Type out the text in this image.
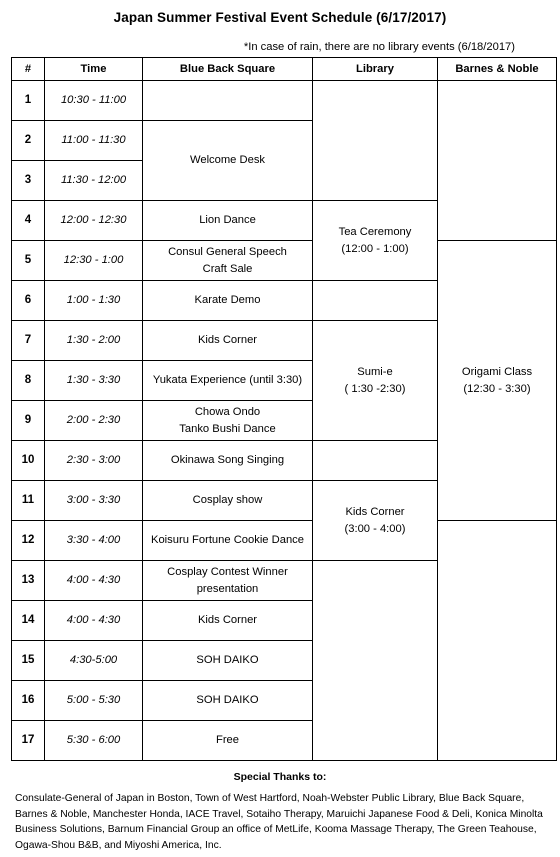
Japan Summer Festival Event Schedule (6/17/2017)
*In case of rain, there are no library events (6/18/2017)
#	Time	Blue Back Square	Library	Barnes & Noble
1	10:30 - 11:00			
2	11:00 - 11:30	Welcome Desk		
3	11:30 - 12:00			
4	12:00 - 12:30	Lion Dance	Tea Ceremony
(12:00 - 1:00)	
5	12:30 - 1:00	Consul General Speech
Craft Sale		Origami Class
(12:30 - 3:30)
6	1:00 - 1:30	Karate Demo		
7	1:30 - 2:00	Kids Corner	Sumi-e
( 1:30 -2:30)	
8	1:30 - 3:30	Yukata Experience (until 3:30)		
9	2:00 - 2:30	Chowa Ondo
Tanko Bushi Dance		
10	2:30 - 3:00	Okinawa Song Singing		
11	3:00 - 3:30	Cosplay show	Kids Corner
(3:00 - 4:00)	
12	3:30 - 4:00	Koisuru Fortune Cookie Dance		
13	4:00 - 4:30	Cosplay Contest Winner presentation		
14	4:00 - 4:30	Kids Corner		
15	4:30-5:00	SOH DAIKO		
16	5:00 - 5:30	SOH DAIKO		
17	5:30 - 6:00	Free		
Special Thanks to:
Consulate-General of Japan in Boston, Town of West Hartford, Noah-Webster Public Library, Blue Back Square, Barnes & Noble, Manchester Honda, IACE Travel, Sotaiho Therapy, Maruichi Japanese Food & Deli, Konica Minolta Business Solutions, Barnum Financial Group an office of MetLife, Kooma Massage Therapy, The Green Teahouse, Ogawa-Shou B&B, and Miyoshi America, Inc.
